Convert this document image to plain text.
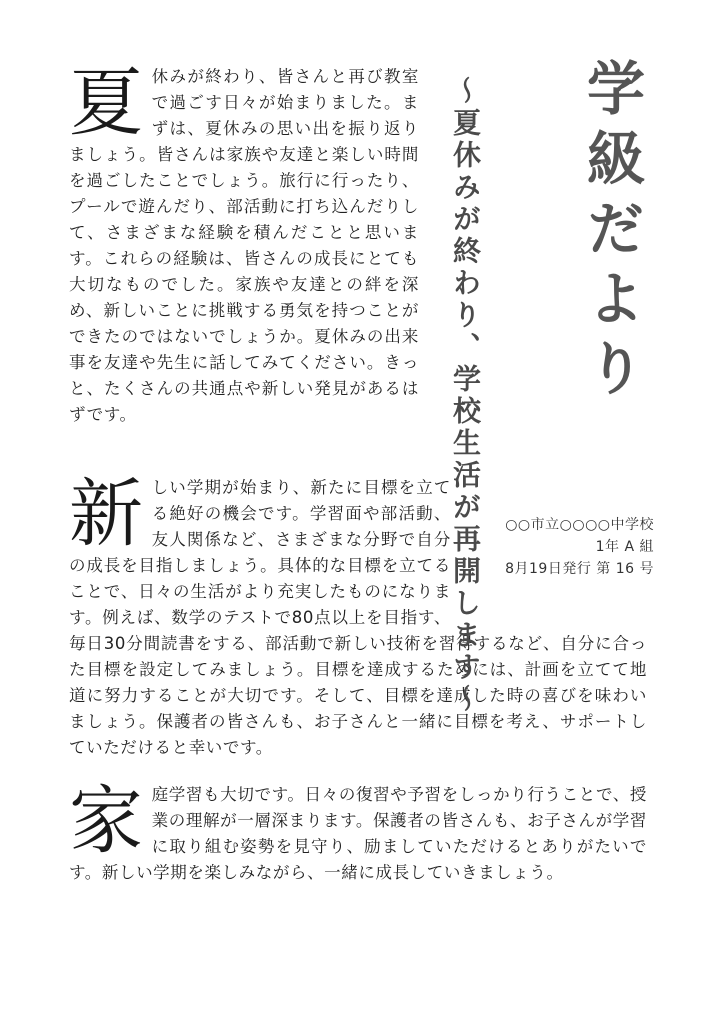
夏 休みが終わり、皆さんと再び教室で過ごす日々が始まりました。まずは、夏休みの思い出を振り返りましょう。皆さんは家族や友達と楽しい時間を過ごしたことでしょう。旅行に行ったり、プールで遊んだり、部活動に打ち込んだりして、さまざまな経験を積んだことと思います。これらの経験は、皆さんの成長にとても大切なものでした。家族や友達との絆を深め、新しいことに挑戦する勇気を持つことができたのではないでしょうか。夏休みの出来事を友達や先生に話してみてください。きっと、たくさんの共通点や新しい発見があるはずです。
新 しい学期が始まり、新たに目標を立てる絶好の機会です。学習面や部活動、友人関係など、さまざまな分野で自分の成長を目指しましょう。具体的な目標を立てることで、日々の生活がより充実したものになります。例えば、数学のテストで80点以上を目指す、毎日30分間読書をする、部活動で新しい技術を習得するなど、自分に合った目標を設定してみましょう。目標を達成するためには、計画を立てて地道に努力することが大切です。そして、目標を達成した時の喜びを味わいましょう。保護者の皆さんも、お子さんと一緒に目標を考え、サポートしていただけると幸いです。
家 庭学習も大切です。日々の復習や予習をしっかり行うことで、授業の理解が一層深まります。保護者の皆さんも、お子さんが学習に取り組む姿勢を見守り、励ましていただけるとありがたいです。新しい学期を楽しみながら、一緒に成長していきましょう。
学級だより
～夏休みが終わり、学校生活が再開します～ ○○市立○○○○中学校
1年 A 組
8月19日発行 第 16 号
